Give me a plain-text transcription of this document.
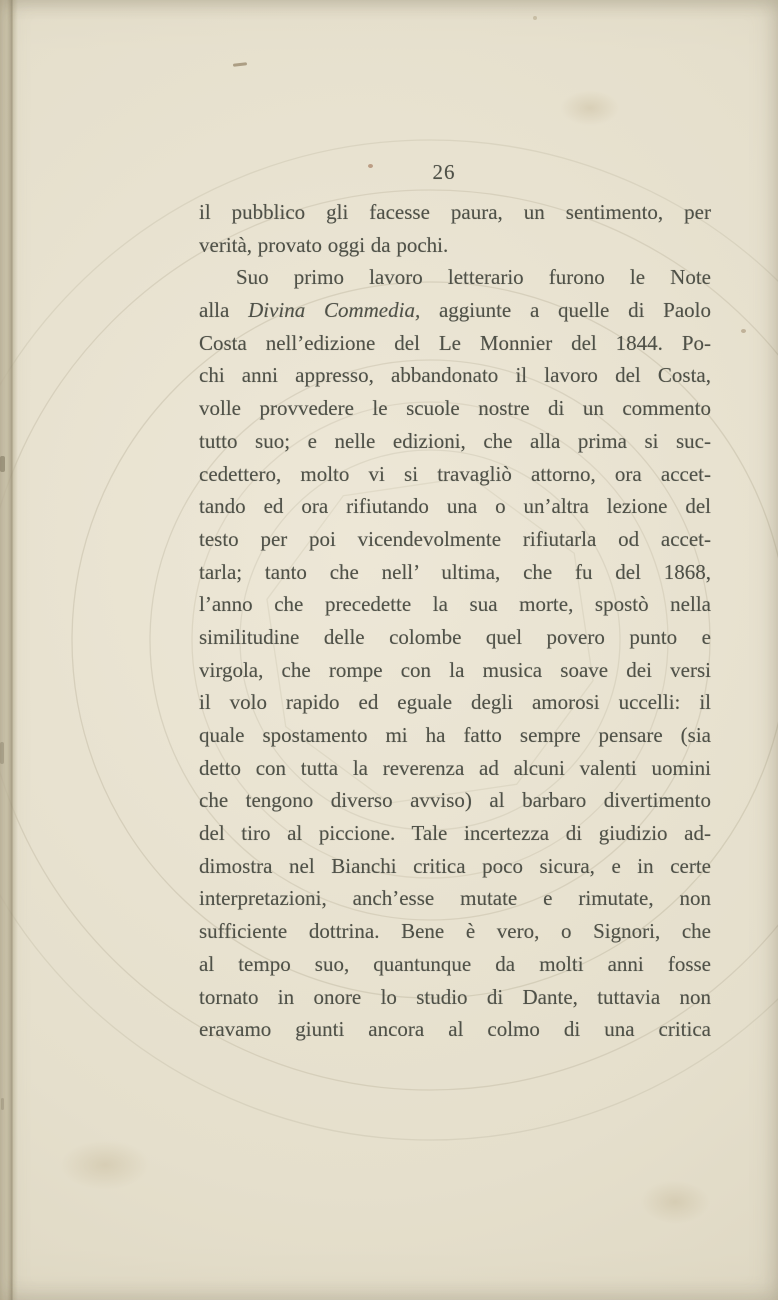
26
il pubblico gli facesse paura, un sentimento, per
verità, provato oggi da pochi.
Suo primo lavoro letterario furono le Note
alla Divina Commedia, aggiunte a quelle di Paolo
Costa nell’edizione del Le Monnier del 1844. Po-
chi anni appresso, abbandonato il lavoro del Costa,
volle provvedere le scuole nostre di un commento
tutto suo; e nelle edizioni, che alla prima si suc-
cedettero, molto vi si travagliò attorno, ora accet-
tando ed ora rifiutando una o un’altra lezione del
testo per poi vicendevolmente rifiutarla od accet-
tarla; tanto che nell’ ultima, che fu del 1868,
l’anno che precedette la sua morte, spostò nella
similitudine delle colombe quel povero punto e
virgola, che rompe con la musica soave dei versi
il volo rapido ed eguale degli amorosi uccelli: il
quale spostamento mi ha fatto sempre pensare (sia
detto con tutta la reverenza ad alcuni valenti uomini
che tengono diverso avviso) al barbaro divertimento
del tiro al piccione. Tale incertezza di giudizio ad-
dimostra nel Bianchi critica poco sicura, e in certe
interpretazioni, anch’esse mutate e rimutate, non
sufficiente dottrina. Bene è vero, o Signori, che
al tempo suo, quantunque da molti anni fosse
tornato in onore lo studio di Dante, tuttavia non
eravamo giunti ancora al colmo di una critica
